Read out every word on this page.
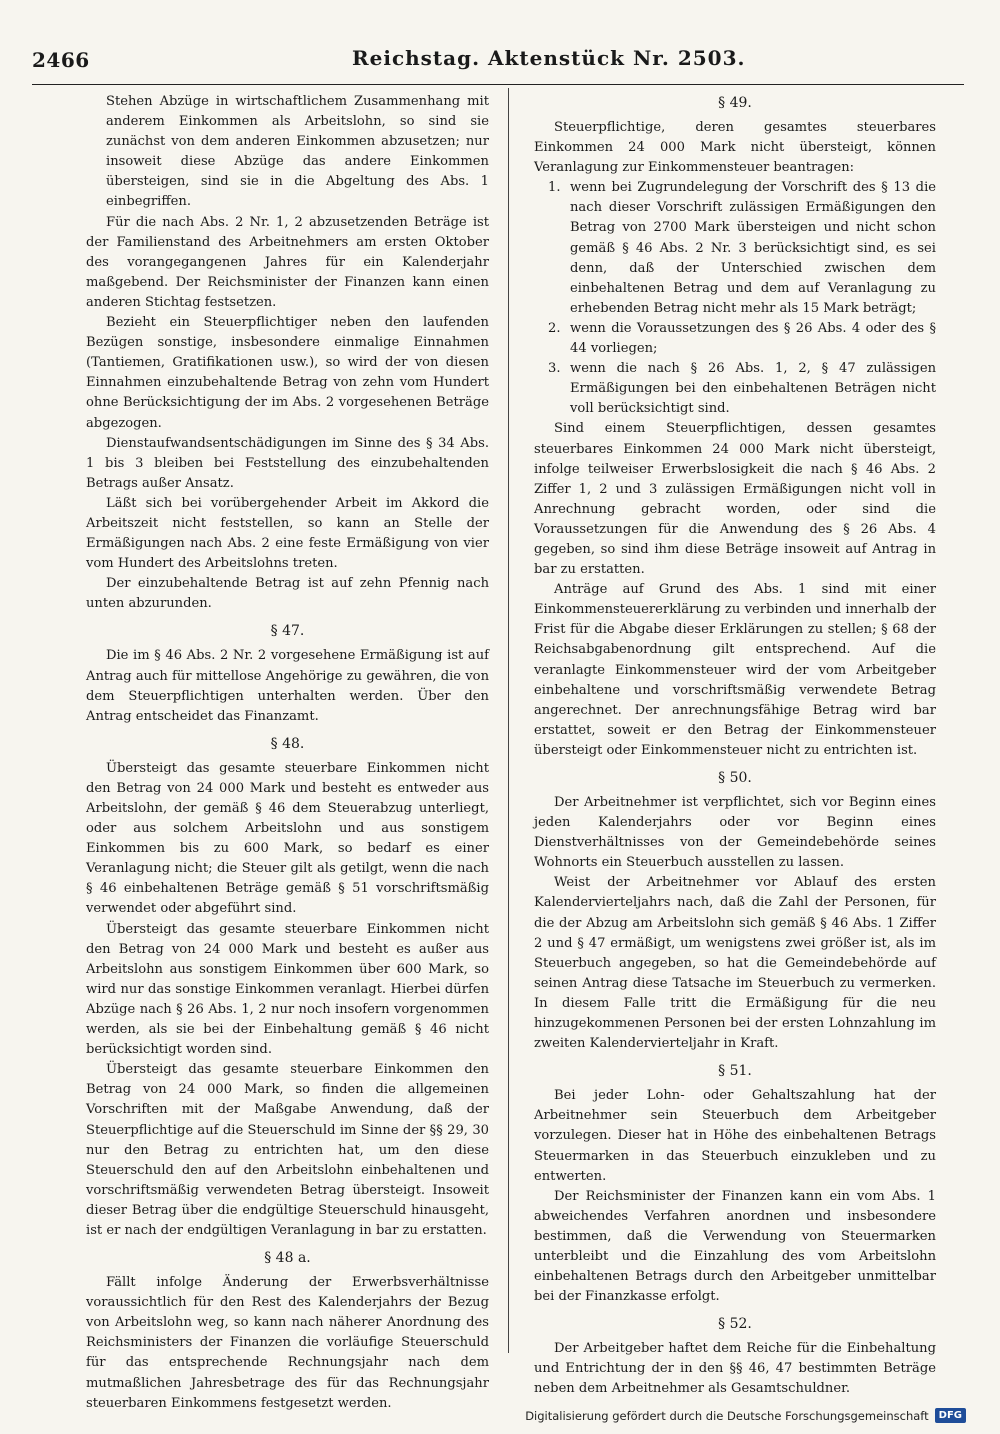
2466	Reichstag. Aktenstück Nr. 2503.

Stehen Abzüge in wirtschaftlichem Zusammenhang mit anderem Einkommen als Arbeitslohn, so sind sie zunächst von dem anderen Einkommen abzusetzen; nur insoweit diese Abzüge das andere Einkommen übersteigen, sind sie in die Abgeltung des Abs. 1 einbegriffen.

Für die nach Abs. 2 Nr. 1, 2 abzusetzenden Beträge ist der Familienstand des Arbeitnehmers am ersten Oktober des vorangegangenen Jahres für ein Kalenderjahr maßgebend. Der Reichsminister der Finanzen kann einen anderen Stichtag festsetzen.

Bezieht ein Steuerpflichtiger neben den laufenden Bezügen sonstige, insbesondere einmalige Einnahmen (Tantiemen, Gratifikationen usw.), so wird der von diesen Einnahmen einzubehaltende Betrag von zehn vom Hundert ohne Berücksichtigung der im Abs. 2 vorgesehenen Beträge abgezogen.

Dienstaufwandsentschädigungen im Sinne des § 34 Abs. 1 bis 3 bleiben bei Feststellung des einzubehaltenden Betrags außer Ansatz.

Läßt sich bei vorübergehender Arbeit im Akkord die Arbeitszeit nicht feststellen, so kann an Stelle der Ermäßigungen nach Abs. 2 eine feste Ermäßigung von vier vom Hundert des Arbeitslohns treten.

Der einzubehaltende Betrag ist auf zehn Pfennig nach unten abzurunden.

§ 47.

Die im § 46 Abs. 2 Nr. 2 vorgesehene Ermäßigung ist auf Antrag auch für mittellose Angehörige zu gewähren, die von dem Steuerpflichtigen unterhalten werden. Über den Antrag entscheidet das Finanzamt.

§ 48.

Übersteigt das gesamte steuerbare Einkommen nicht den Betrag von 24 000 Mark und besteht es entweder aus Arbeitslohn, der gemäß § 46 dem Steuerabzug unterliegt, oder aus solchem Arbeitslohn und aus sonstigem Einkommen bis zu 600 Mark, so bedarf es einer Veranlagung nicht; die Steuer gilt als getilgt, wenn die nach § 46 einbehaltenen Beträge gemäß § 51 vorschriftsmäßig verwendet oder abgeführt sind.

Übersteigt das gesamte steuerbare Einkommen nicht den Betrag von 24 000 Mark und besteht es außer aus Arbeitslohn aus sonstigem Einkommen über 600 Mark, so wird nur das sonstige Einkommen veranlagt. Hierbei dürfen Abzüge nach § 26 Abs. 1, 2 nur noch insofern vorgenommen werden, als sie bei der Einbehaltung gemäß § 46 nicht berücksichtigt worden sind.

Übersteigt das gesamte steuerbare Einkommen den Betrag von 24 000 Mark, so finden die allgemeinen Vorschriften mit der Maßgabe Anwendung, daß der Steuerpflichtige auf die Steuerschuld im Sinne der §§ 29, 30 nur den Betrag zu entrichten hat, um den diese Steuerschuld den auf den Arbeitslohn einbehaltenen und vorschriftsmäßig verwendeten Betrag übersteigt. Insoweit dieser Betrag über die endgültige Steuerschuld hinausgeht, ist er nach der endgültigen Veranlagung in bar zu erstatten.

§ 48 a.

Fällt infolge Änderung der Erwerbsverhältnisse voraussichtlich für den Rest des Kalenderjahrs der Bezug von Arbeitslohn weg, so kann nach näherer Anordnung des Reichsministers der Finanzen die vorläufige Steuerschuld für das entsprechende Rechnungsjahr nach dem mutmaßlichen Jahresbetrage des für das Rechnungsjahr steuerbaren Einkommens festgesetzt werden.

§ 49.

Steuerpflichtige, deren gesamtes steuerbares Einkommen 24 000 Mark nicht übersteigt, können Veranlagung zur Einkommensteuer beantragen:

1. wenn bei Zugrundelegung der Vorschrift des § 13 die nach dieser Vorschrift zulässigen Ermäßigungen den Betrag von 2700 Mark übersteigen und nicht schon gemäß § 46 Abs. 2 Nr. 3 berücksichtigt sind, es sei denn, daß der Unterschied zwischen dem einbehaltenen Betrag und dem auf Veranlagung zu erhebenden Betrag nicht mehr als 15 Mark beträgt;
2. wenn die Voraussetzungen des § 26 Abs. 4 oder des § 44 vorliegen;
3. wenn die nach § 26 Abs. 1, 2, § 47 zulässigen Ermäßigungen bei den einbehaltenen Beträgen nicht voll berücksichtigt sind.

Sind einem Steuerpflichtigen, dessen gesamtes steuerbares Einkommen 24 000 Mark nicht übersteigt, infolge teilweiser Erwerbslosigkeit die nach § 46 Abs. 2 Ziffer 1, 2 und 3 zulässigen Ermäßigungen nicht voll in Anrechnung gebracht worden, oder sind die Voraussetzungen für die Anwendung des § 26 Abs. 4 gegeben, so sind ihm diese Beträge insoweit auf Antrag in bar zu erstatten.

Anträge auf Grund des Abs. 1 sind mit einer Einkommensteuererklärung zu verbinden und innerhalb der Frist für die Abgabe dieser Erklärungen zu stellen; § 68 der Reichsabgabenordnung gilt entsprechend. Auf die veranlagte Einkommensteuer wird der vom Arbeitgeber einbehaltene und vorschriftsmäßig verwendete Betrag angerechnet. Der anrechnungsfähige Betrag wird bar erstattet, soweit er den Betrag der Einkommensteuer übersteigt oder Einkommensteuer nicht zu entrichten ist.

§ 50.

Der Arbeitnehmer ist verpflichtet, sich vor Beginn eines jeden Kalenderjahrs oder vor Beginn eines Dienstverhältnisses von der Gemeindebehörde seines Wohnorts ein Steuerbuch ausstellen zu lassen.

Weist der Arbeitnehmer vor Ablauf des ersten Kalendervierteljahrs nach, daß die Zahl der Personen, für die der Abzug am Arbeitslohn sich gemäß § 46 Abs. 1 Ziffer 2 und § 47 ermäßigt, um wenigstens zwei größer ist, als im Steuerbuch angegeben, so hat die Gemeindebehörde auf seinen Antrag diese Tatsache im Steuerbuch zu vermerken. In diesem Falle tritt die Ermäßigung für die neu hinzugekommenen Personen bei der ersten Lohnzahlung im zweiten Kalendervierteljahr in Kraft.

§ 51.

Bei jeder Lohn- oder Gehaltszahlung hat der Arbeitnehmer sein Steuerbuch dem Arbeitgeber vorzulegen. Dieser hat in Höhe des einbehaltenen Betrags Steuermarken in das Steuerbuch einzukleben und zu entwerten.

Der Reichsminister der Finanzen kann ein vom Abs. 1 abweichendes Verfahren anordnen und insbesondere bestimmen, daß die Verwendung von Steuermarken unterbleibt und die Einzahlung des vom Arbeitslohn einbehaltenen Betrags durch den Arbeitgeber unmittelbar bei der Finanzkasse erfolgt.

§ 52.

Der Arbeitgeber haftet dem Reiche für die Einbehaltung und Entrichtung der in den §§ 46, 47 bestimmten Beträge neben dem Arbeitnehmer als Gesamtschuldner.

Digitalisierung gefördert durch die Deutsche Forschungsgemeinschaft	DFG
